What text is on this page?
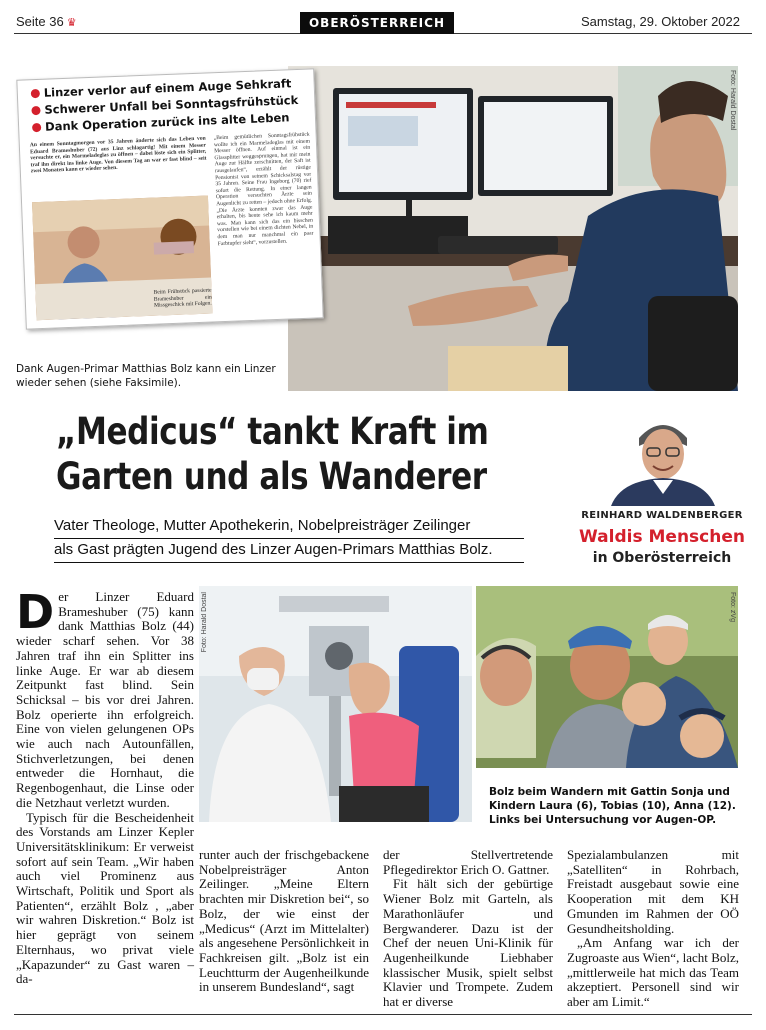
Seite 36 ♛	OBERÖSTERREICH	Samstag, 29. Oktober 2022
Foto: Harald Dostal
Linzer verlor auf einem Auge Sehkraft
Schwerer Unfall bei Sonntagsfrühstück
Dank Operation zurück ins alte Leben
An einem Sonntagmorgen vor 35 Jahren änderte sich das Leben von Eduard Brameshuber (72) aus Linz schlagartig! Mit einem Messer versuchte er, ein Marmeladeglas zu öffnen – dabei löste sich ein Splitter, traf ihn direkt ins linke Auge. Von diesem Tag an war er fast blind – seit zwei Monaten kann er wieder sehen.
„Beim gemütlichen Sonntagsfrühstück wollte ich ein Marmeladeglas mit einem Messer öffnen. Auf einmal ist ein Glassplitter weggesprungen, hat mir mein Auge zur Hälfte zerschnitten, der Saft ist rausgelaufen“, erzählt der rüstige Pensionist von seinem Schicksalstag vor 35 Jahren. Seine Frau Ingeborg (70) rief sofort die Rettung. In einer langen Operation versuchten Ärzte sein Augenlicht zu retten – jedoch ohne Erfolg. „Die Ärzte konnten zwar das Auge erhalten, bis heute sehe ich kaum mehr was. Man kann sich das ein bisschen vorstellen wie bei einem dichten Nebel, in dem man nur manchmal ein paar Farbtupfer sieht“, vorzustellen.
Beim Frühstück passierte Brameshuber ein Missgeschick mit Folgen.
Dank Augen-Primar Matthias Bolz kann ein Linzer wieder sehen (siehe Faksimile).
„Medicus“ tankt Kraft im
Garten und als Wanderer
Vater Theologe, Mutter Apothekerin, Nobelpreisträger Zeilinger
als Gast prägten Jugend des Linzer Augen-Primars Matthias Bolz.
REINHARD WALDENBERGER
Waldis Menschen
in Oberösterreich
Foto: Harald Dostal	Foto: zVg
Bolz beim Wandern mit Gattin Sonja und Kindern Laura (6), Tobias (10), Anna (12). Links bei Untersuchung vor Augen-OP.
D er Linzer Eduard Brameshuber (75) kann dank Matthias Bolz (44) wieder scharf sehen. Vor 38 Jahren traf ihn ein Splitter ins linke Auge. Er war ab diesem Zeitpunkt fast blind. Sein Schicksal – bis vor drei Jahren. Bolz operierte ihn erfolgreich. Eine von vielen gelungenen OPs wie auch nach Autounfällen, Stichverletzungen, bei denen entweder die Hornhaut, die Regenbogenhaut, die Linse oder die Netzhaut verletzt wurden.

Typisch für die Bescheidenheit des Vorstands am Linzer Kepler Universitätsklinikum: Er verweist sofort auf sein Team. „Wir haben auch viel Prominenz aus Wirtschaft, Politik und Sport als Patienten“, erzählt Bolz , „aber wir wahren Diskretion.“ Bolz ist hier geprägt von seinem Elternhaus, wo privat viele „Kapazunder“ zu Gast waren – da-

runter auch der frischgebackene Nobelpreisträger Anton Zeilinger. „Meine Eltern brachten mir Diskretion bei“, so Bolz, der wie einst der „Medicus“ (Arzt im Mittelalter) als angesehene Persönlichkeit in Fachkreisen gilt. „Bolz ist ein Leuchtturm der Augenheilkunde in unserem Bundesland“, sagt

der Stellvertretende Pflegedirektor Erich O. Gattner.

Fit hält sich der gebürtige Wiener Bolz mit Garteln, als Marathonläufer und Bergwanderer. Dazu ist der Chef der neuen Uni-Klinik für Augenheilkunde Liebhaber klassischer Musik, spielt selbst Klavier und Trompete. Zudem hat er diverse

Spezialambulanzen mit „Satelliten“ in Rohrbach, Freistadt ausgebaut sowie eine Kooperation mit dem KH Gmunden im Rahmen der OÖ Gesundheitsholding.

„Am Anfang war ich der Zugroaste aus Wien“, lacht Bolz, „mittlerweile hat mich das Team akzeptiert. Personell sind wir aber am Limit.“
